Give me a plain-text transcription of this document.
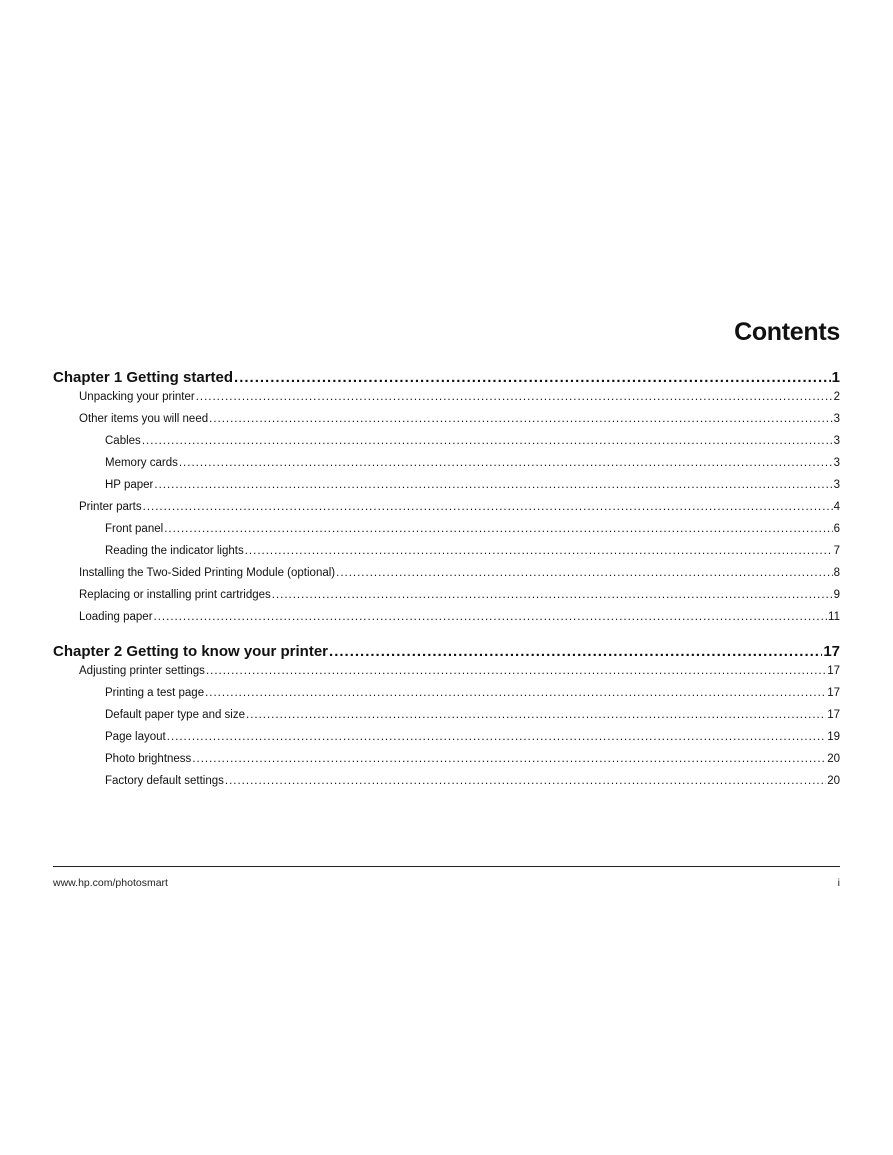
Contents
Chapter 1 Getting started .....	1
Unpacking your printer .....	2
Other items you will need .....	3
Cables .....	3
Memory cards .....	3
HP paper .....	3
Printer parts .....	4
Front panel .....	6
Reading the indicator lights .....	7
Installing the Two-Sided Printing Module (optional) .....	8
Replacing or installing print cartridges .....	9
Loading paper .....	11
Chapter 2 Getting to know your printer .....	17
Adjusting printer settings .....	17
Printing a test page .....	17
Default paper type and size .....	17
Page layout .....	19
Photo brightness .....	20
Factory default settings .....	20
www.hp.com/photosmart	i
